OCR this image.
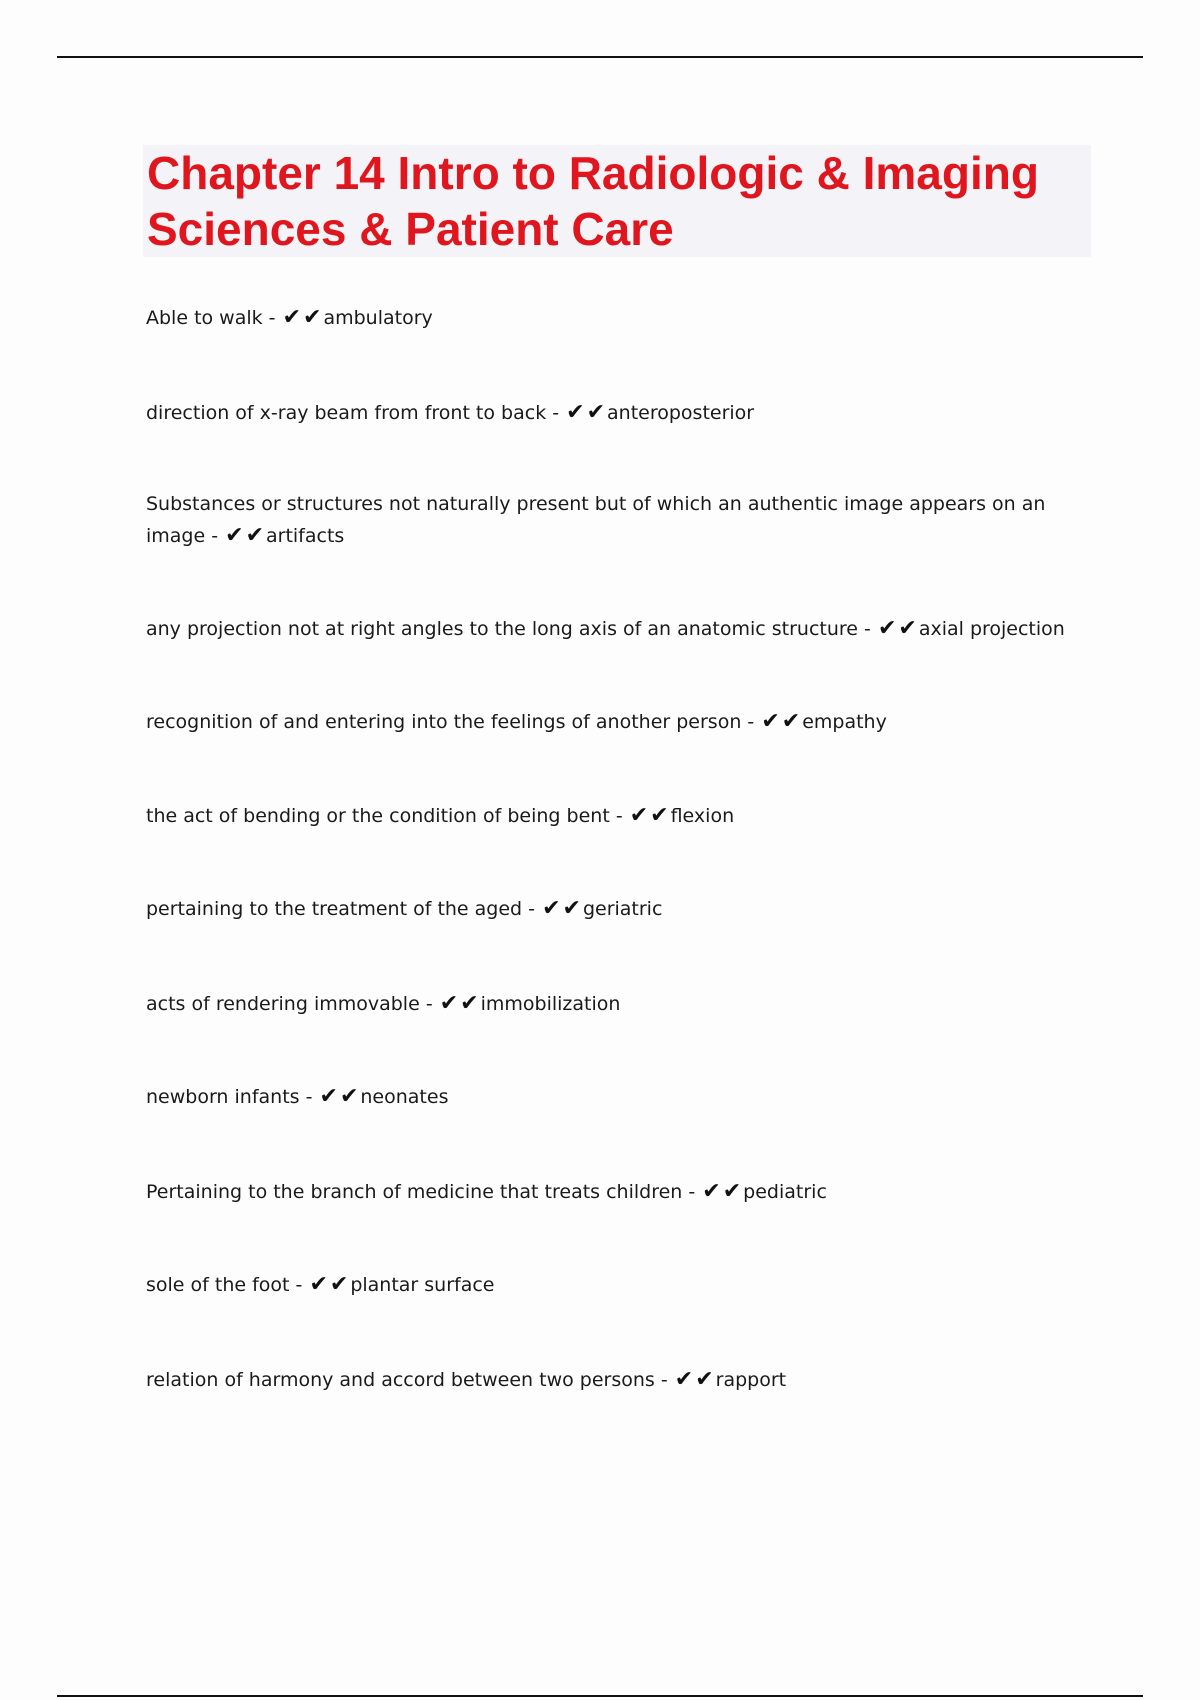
Chapter 14 Intro to Radiologic & Imaging
Sciences & Patient Care

Able to walk - ✔✔ ambulatory

direction of x-ray beam from front to back - ✔✔ anteroposterior

Substances or structures not naturally present but of which an authentic image appears on an image - ✔✔ artifacts

any projection not at right angles to the long axis of an anatomic structure - ✔✔ axial projection

recognition of and entering into the feelings of another person - ✔✔ empathy

the act of bending or the condition of being bent - ✔✔ flexion

pertaining to the treatment of the aged - ✔✔ geriatric

acts of rendering immovable - ✔✔ immobilization

newborn infants - ✔✔ neonates

Pertaining to the branch of medicine that treats children - ✔✔ pediatric

sole of the foot - ✔✔ plantar surface

relation of harmony and accord between two persons - ✔✔ rapport
